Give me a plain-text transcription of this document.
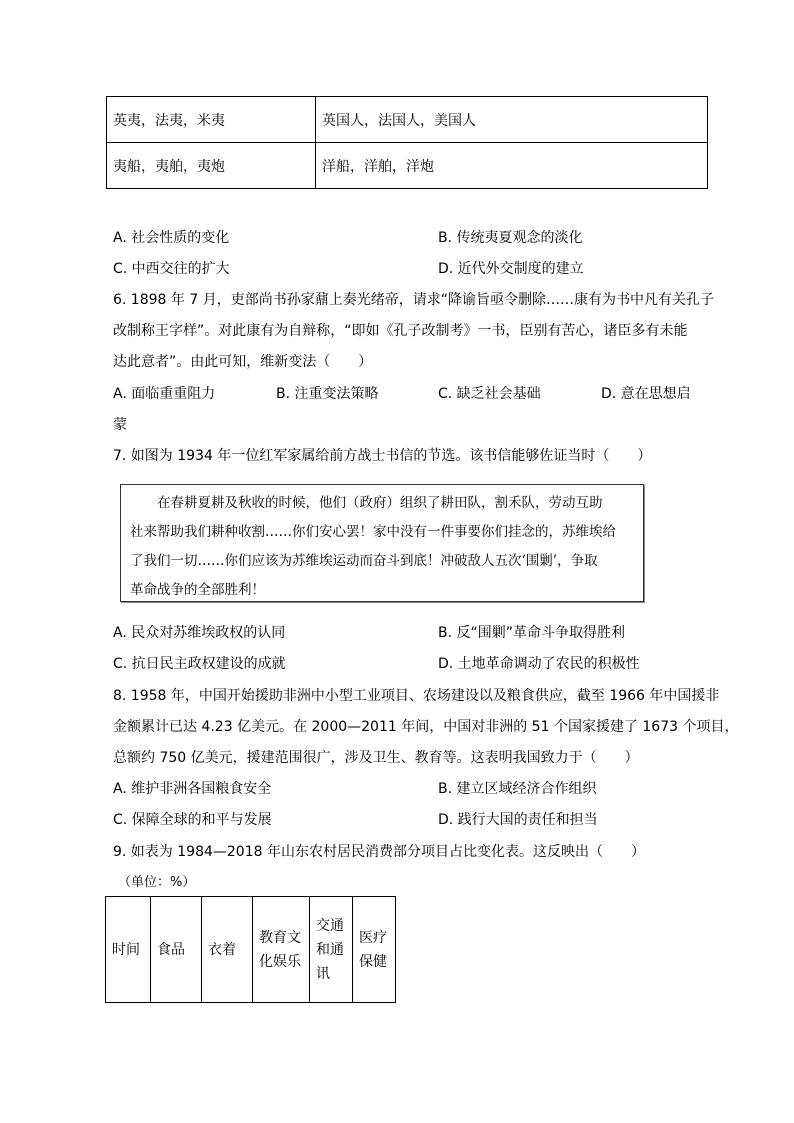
英夷，法夷，米夷	英国人，法国人，美国人
夷船，夷舶，夷炮	洋船，洋舶，洋炮
A. 社会性质的变化	B. 传统夷夏观念的淡化
C. 中西交往的扩大	D. 近代外交制度的建立
6. 1898 年 7 月，吏部尚书孙家鼐上奏光绪帝，请求“降谕旨亟令删除……康有为书中凡有关孔子
改制称王字样”。对此康有为自辩称，“即如《孔子改制考》一书，臣别有苦心，诸臣多有未能
达此意者”。由此可知，维新变法（　　）
A. 面临重重阻力	B. 注重变法策略	C. 缺乏社会基础	D. 意在思想启
蒙
7. 如图为 1934 年一位红军家属给前方战士书信的节选。该书信能够佐证当时（　　）
　　在春耕夏耕及秋收的时候，他们（政府）组织了耕田队，割禾队，劳动互助
社来帮助我们耕种收割……你们安心罢！家中没有一件事要你们挂念的，苏维埃给
了我们一切……你们应该为苏维埃运动而奋斗到底！冲破敌人五次‘围剿’，争取
革命战争的全部胜利！
A. 民众对苏维埃政权的认同	B. 反“围剿”革命斗争取得胜利
C. 抗日民主政权建设的成就	D. 土地革命调动了农民的积极性
8. 1958 年，中国开始援助非洲中小型工业项目、农场建设以及粮食供应，截至 1966 年中国援非
金额累计已达 4.23 亿美元。在 2000—2011 年间，中国对非洲的 51 个国家援建了 1673 个项目，
总额约 750 亿美元，援建范围很广，涉及卫生、教育等。这表明我国致力于（　　）
A. 维护非洲各国粮食安全	B. 建立区域经济合作组织
C. 保障全球的和平与发展	D. 践行大国的责任和担当
9. 如表为 1984—2018 年山东农村居民消费部分项目占比变化表。这反映出（　　）
（单位：%）
时间	食品	衣着	教育文化娱乐	交通和通讯	医疗保健
